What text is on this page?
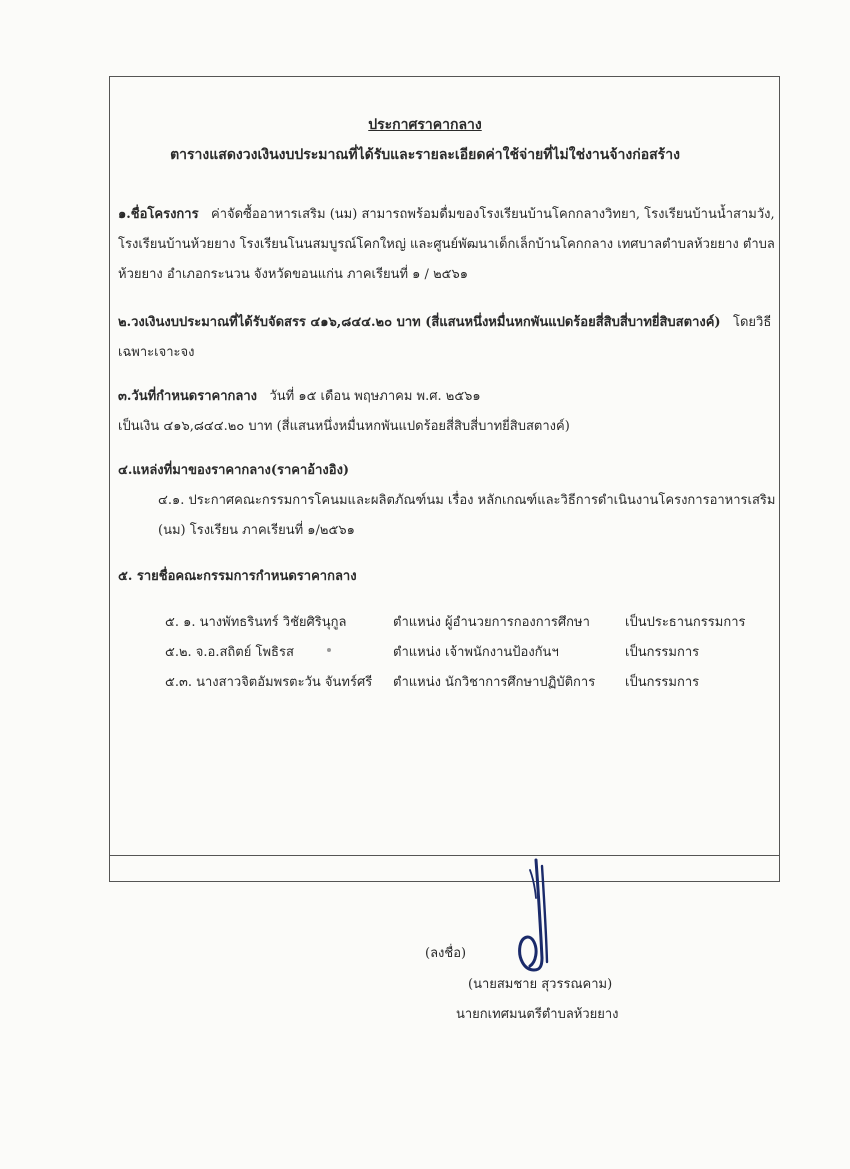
ประกาศราคากลาง
ตารางแสดงวงเงินงบประมาณที่ได้รับและรายละเอียดค่าใช้จ่ายที่ไม่ใช่งานจ้างก่อสร้าง
๑.ชื่อโครงการ ค่าจัดซื้ออาหารเสริม (นม) สามารถพร้อมดื่มของโรงเรียนบ้านโคกกลางวิทยา, โรงเรียนบ้านน้ำสามวัง, โรงเรียนบ้านห้วยยาง โรงเรียนโนนสมบูรณ์โคกใหญ่ และศูนย์พัฒนาเด็กเล็กบ้านโคกกลาง เทศบาลตำบลห้วยยาง ตำบลห้วยยาง อำเภอกระนวน จังหวัดขอนแก่น ภาคเรียนที่ ๑ / ๒๕๖๑
๒.วงเงินงบประมาณที่ได้รับจัดสรร ๔๑๖,๘๔๔.๒๐ บาท (สี่แสนหนึ่งหมื่นหกพันแปดร้อยสี่สิบสี่บาทยี่สิบสตางค์) โดยวิธีเฉพาะเจาะจง
๓.วันที่กำหนดราคากลาง วันที่ ๑๕ เดือน พฤษภาคม พ.ศ. ๒๕๖๑
เป็นเงิน ๔๑๖,๘๔๔.๒๐ บาท (สี่แสนหนึ่งหมื่นหกพันแปดร้อยสี่สิบสี่บาทยี่สิบสตางค์)
๔.แหล่งที่มาของราคากลาง(ราคาอ้างอิง)
๔.๑. ประกาศคณะกรรมการโคนมและผลิตภัณฑ์นม เรื่อง หลักเกณฑ์และวิธีการดำเนินงานโครงการอาหารเสริม (นม) โรงเรียน ภาคเรียนที่ ๑/๒๕๖๑
๕. รายชื่อคณะกรรมการกำหนดราคากลาง
๕. ๑. นางพัทธรินทร์ วิชัยศิรินุกูล	ตำแหน่ง ผู้อำนวยการกองการศึกษา	เป็นประธานกรรมการ
๕.๒. จ.อ.สถิตย์ โพธิรส	ตำแหน่ง เจ้าพนักงานป้องกันฯ	เป็นกรรมการ
๕.๓. นางสาวจิตอัมพรตะวัน จันทร์ศรี	ตำแหน่ง นักวิชาการศึกษาปฏิบัติการ	เป็นกรรมการ
(ลงชื่อ)
(นายสมชาย สุวรรณคาม)
นายกเทศมนตรีตำบลห้วยยาง
